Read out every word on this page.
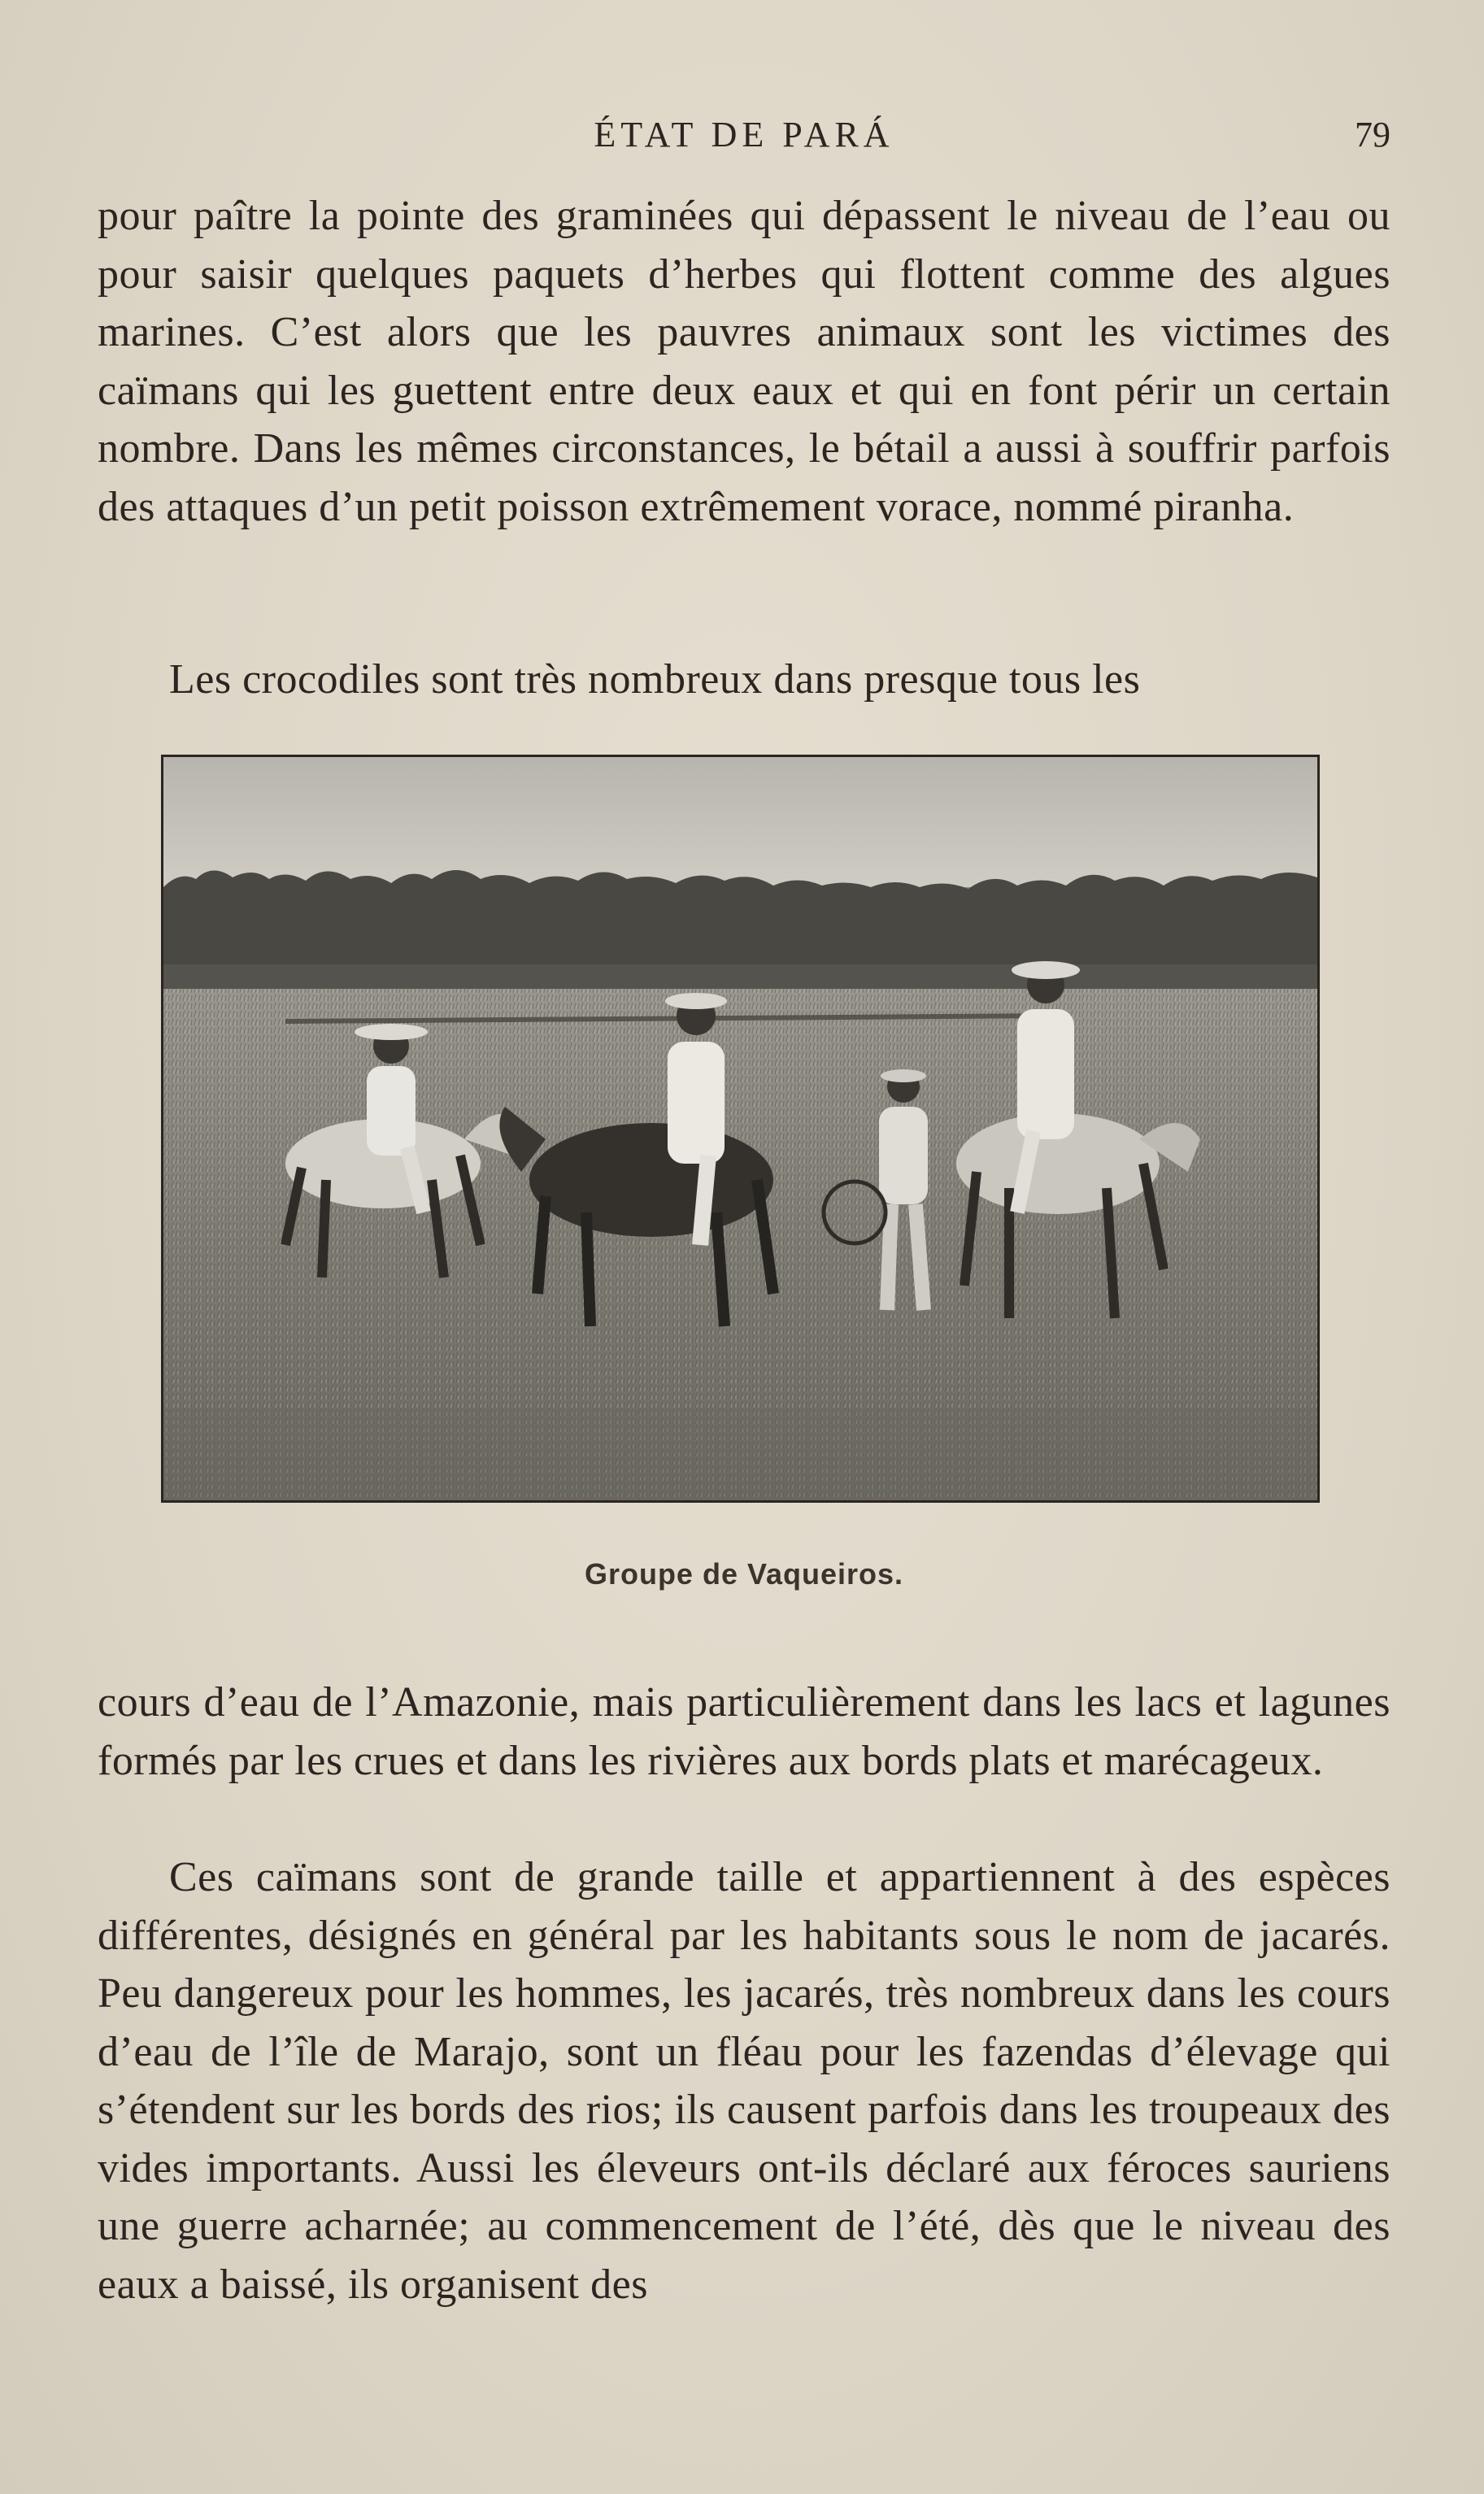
ÉTAT DE PARÁ	79

pour paître la pointe des graminées qui dépassent le niveau de l’eau ou pour saisir quelques paquets d’herbes qui flottent comme des algues marines. C’est alors que les pauvres animaux sont les victimes des caïmans qui les guettent entre deux eaux et qui en font périr un certain nombre. Dans les mêmes circonstances, le bétail a aussi à souffrir parfois des attaques d’un petit poisson extrêmement vorace, nommé piranha.

Les crocodiles sont très nombreux dans presque tous les

Groupe de Vaqueiros.

cours d’eau de l’Amazonie, mais particulièrement dans les lacs et lagunes formés par les crues et dans les rivières aux bords plats et marécageux.

Ces caïmans sont de grande taille et appartiennent à des espèces différentes, désignés en général par les habitants sous le nom de jacarés. Peu dangereux pour les hommes, les jacarés, très nombreux dans les cours d’eau de l’île de Marajo, sont un fléau pour les fazendas d’élevage qui s’étendent sur les bords des rios; ils causent parfois dans les troupeaux des vides importants. Aussi les éleveurs ont-ils déclaré aux féroces sauriens une guerre acharnée; au commencement de l’été, dès que le niveau des eaux a baissé, ils organisent des
